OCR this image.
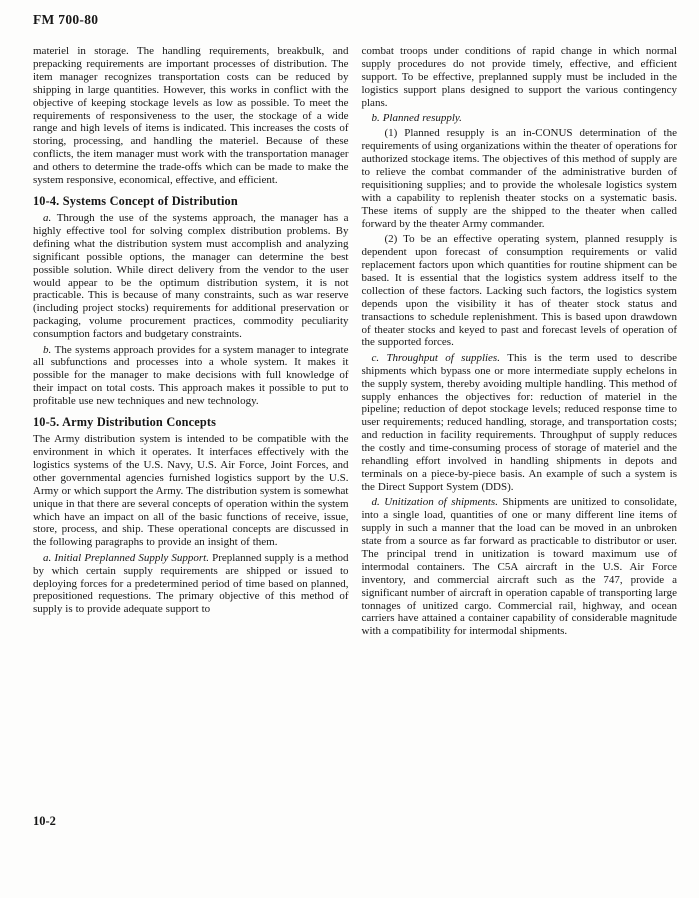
FM 700-80

materiel in storage. The handling requirements, breakbulk, and prepacking requirements are important processes of distribution. The item manager recognizes transportation costs can be reduced by shipping in large quantities. However, this works in conflict with the objective of keeping stockage levels as low as possible. To meet the requirements of responsiveness to the user, the stockage of a wide range and high levels of items is indicated. This increases the costs of storing, processing, and handling the materiel. Because of these conflicts, the item manager must work with the transportation manager and others to determine the trade-offs which can be made to make the system responsive, economical, effective, and efficient.

10-4. Systems Concept of Distribution

a. Through the use of the systems approach, the manager has a highly effective tool for solving complex distribution problems. By defining what the distribution system must accomplish and analyzing significant possible options, the manager can determine the best possible solution. While direct delivery from the vendor to the user would appear to be the optimum distribution system, it is not practicable. This is because of many constraints, such as war reserve (including project stocks) requirements for additional preservation or packaging, volume procurement practices, commodity peculiarity consumption factors and budgetary constraints.

b. The systems approach provides for a system manager to integrate all subfunctions and processes into a whole system. It makes it possible for the manager to make decisions with full knowledge of their impact on total costs. This approach makes it possible to put to profitable use new techniques and new technology.

10-5. Army Distribution Concepts

The Army distribution system is intended to be compatible with the environment in which it operates. It interfaces effectively with the logistics systems of the U.S. Navy, U.S. Air Force, Joint Forces, and other governmental agencies furnished logistics support by the U.S. Army or which support the Army. The distribution system is somewhat unique in that there are several concepts of operation within the system which have an impact on all of the basic functions of receive, issue, store, process, and ship. These operational concepts are discussed in the following paragraphs to provide an insight of them.

a. Initial Preplanned Supply Support. Preplanned supply is a method by which certain supply requirements are shipped or issued to deploying forces for a predetermined period of time based on planned, prepositioned requestions. The primary objective of this method of supply is to provide adequate support to

combat troops under conditions of rapid change in which normal supply procedures do not provide timely, effective, and efficient support. To be effective, preplanned supply must be included in the logistics support plans designed to support the various contingency plans.

b. Planned resupply.

(1) Planned resupply is an in-CONUS determination of the requirements of using organizations within the theater of operations for authorized stockage items. The objectives of this method of supply are to relieve the combat commander of the administrative burden of requisitioning supplies; and to provide the wholesale logistics system with a capability to replenish theater stocks on a systematic basis. These items of supply are the shipped to the theater when called forward by the theater Army commander.

(2) To be an effective operating system, planned resupply is dependent upon forecast of consumption requirements or valid replacement factors upon which quantities for routine shipment can be based. It is essential that the logistics system address itself to the collection of these factors. Lacking such factors, the logistics system depends upon the visibility it has of theater stock status and transactions to schedule replenishment. This is based upon drawdown of theater stocks and keyed to past and forecast levels of operation of the supported forces.

c. Throughput of supplies. This is the term used to describe shipments which bypass one or more intermediate supply echelons in the supply system, thereby avoiding multiple handling. This method of supply enhances the objectives for: reduction of materiel in the pipeline; reduction of depot stockage levels; reduced response time to user requirements; reduced handling, storage, and transportation costs; and reduction in facility requirements. Throughput of supply reduces the costly and time-consuming process of storage of materiel and the rehandling effort involved in handling shipments in depots and terminals on a piece-by-piece basis. An example of such a system is the Direct Support System (DDS).

d. Unitization of shipments. Shipments are unitized to consolidate, into a single load, quantities of one or many different line items of supply in such a manner that the load can be moved in an unbroken state from a source as far forward as practicable to distributor or user. The principal trend in unitization is toward maximum use of intermodal containers. The C5A aircraft in the U.S. Air Force inventory, and commercial aircraft such as the 747, provide a significant number of aircraft in operation capable of transporting large tonnages of unitized cargo. Commercial rail, highway, and ocean carriers have attained a container capability of considerable magnitude with a compatibility for intermodal shipments.

10-2
